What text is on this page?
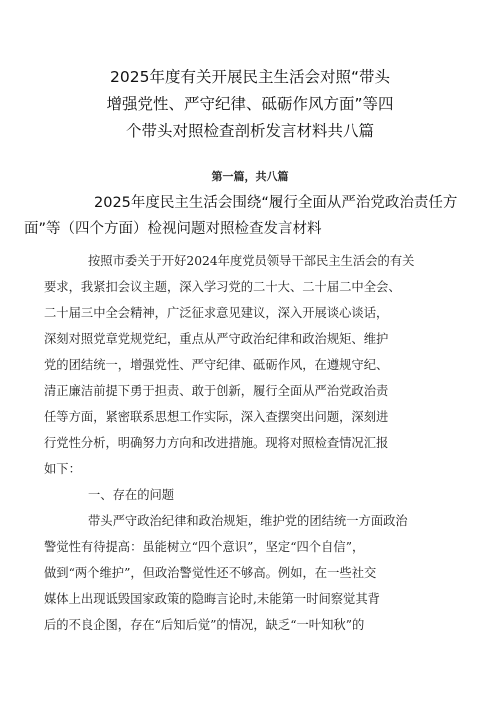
2025年度有关开展民主生活会对照“带头
增强党性、严守纪律、砥砺作风方面”等四
个带头对照检查剖析发言材料共八篇
第一篇，共八篇
2025年度民主生活会围绕“履行全面从严治党政治责任方
面”等（四个方面）检视问题对照检查发言材料
按照市委关于开好2024年度党员领导干部民主生活会的有关
要求，我紧扣会议主题，深入学习党的二十大、二十届二中全会、
二十届三中全会精神，广泛征求意见建议，深入开展谈心谈话，
深刻对照党章党规党纪，重点从严守政治纪律和政治规矩、维护
党的团结统一，增强党性、严守纪律、砥砺作风，在遵规守纪、
清正廉洁前提下勇于担责、敢于创新，履行全面从严治党政治责
任等方面，紧密联系思想工作实际，深入查摆突出问题，深刻进
行党性分析，明确努力方向和改进措施。现将对照检查情况汇报
如下：
一、存在的问题
带头严守政治纪律和政治规矩，维护党的团结统一方面政治
警觉性有待提高：虽能树立“四个意识”，坚定“四个自信”，
做到“两个维护”，但政治警觉性还不够高。例如，在一些社交
媒体上出现诋毁国家政策的隐晦言论时,未能第一时间察觉其背
后的不良企图，存在“后知后觉”的情况，缺乏“一叶知秋”的
